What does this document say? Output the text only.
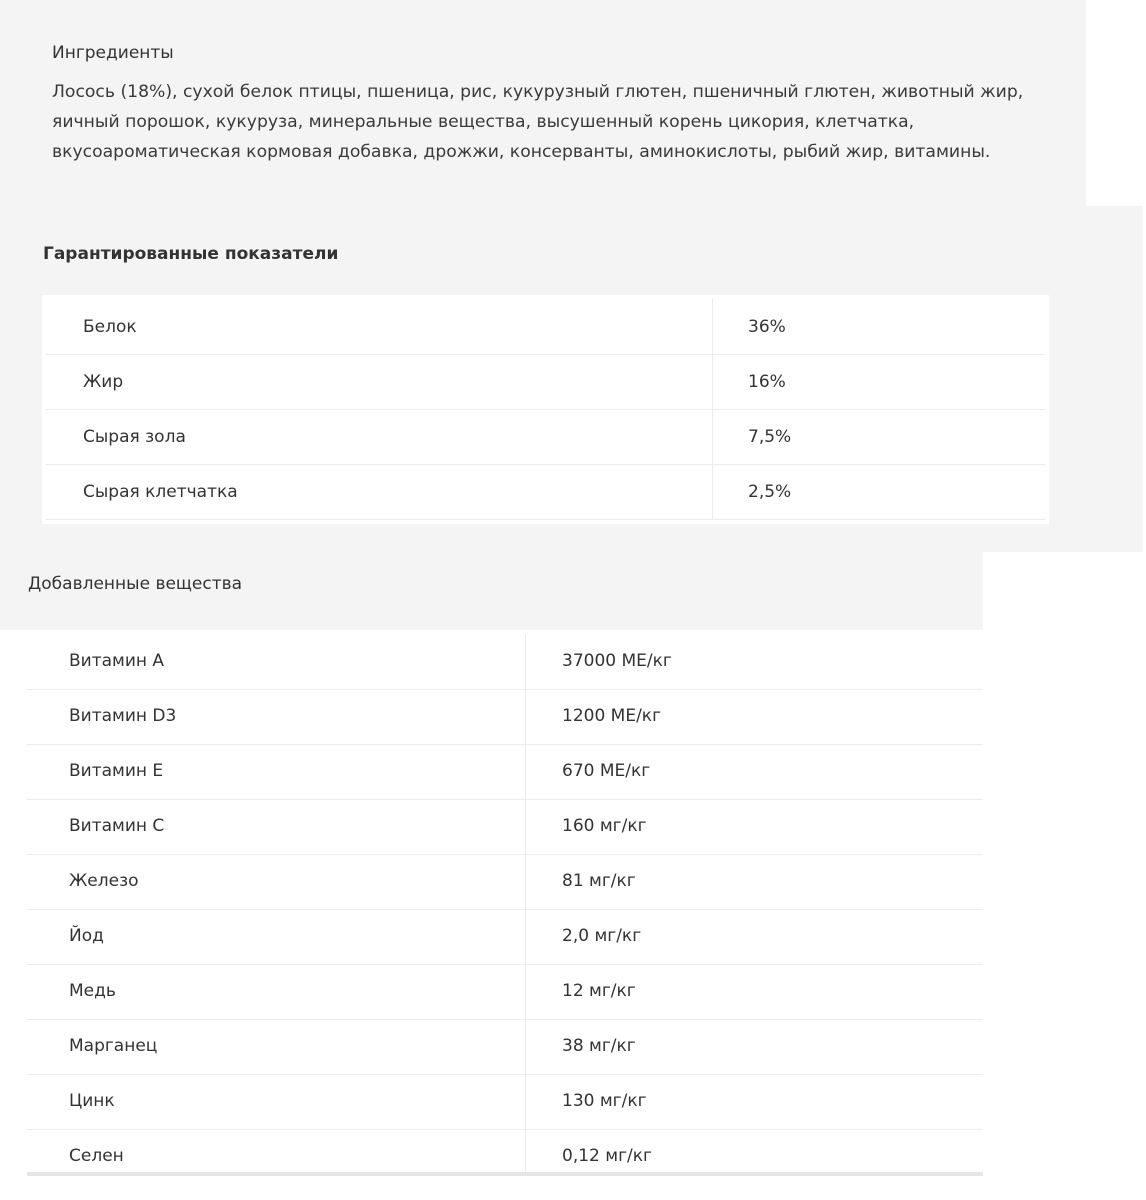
Ингредиенты
Лосось (18%), сухой белок птицы, пшеница, рис, кукурузный глютен, пшеничный глютен, животный жир,
яичный порошок, кукуруза, минеральные вещества, высушенный корень цикория, клетчатка,
вкусоароматическая кормовая добавка, дрожжи, консерванты, аминокислоты, рыбий жир, витамины.
Гарантированные показатели
Белок	36%
Жир	16%
Сырая зола	7,5%
Сырая клетчатка	2,5%
Добавленные вещества
Витамин A	37000 МЕ/кг
Витамин D3	1200 МЕ/кг
Витамин E	670 МЕ/кг
Витамин C	160 мг/кг
Железо	81 мг/кг
Йод	2,0 мг/кг
Медь	12 мг/кг
Марганец	38 мг/кг
Цинк	130 мг/кг
Селен	0,12 мг/кг
